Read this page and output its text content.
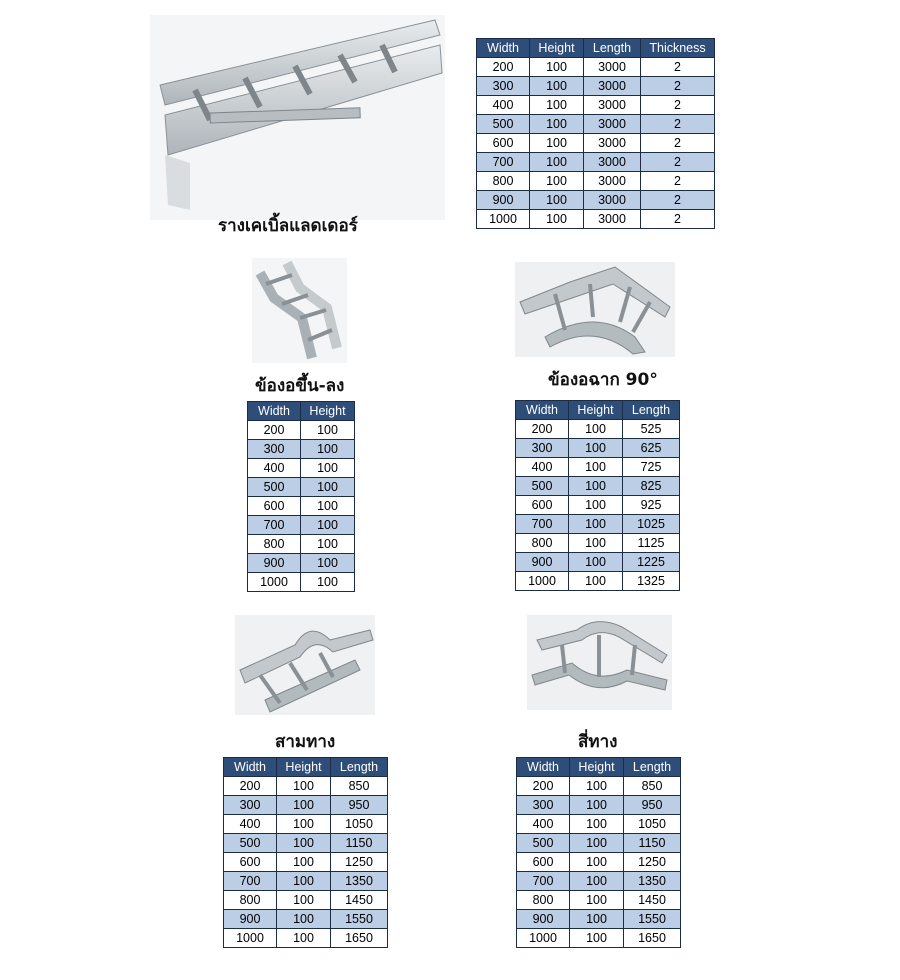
รางเคเบิ้ลแลดเดอร์
ข้องอขึ้น-ลง	ข้องอฉาก 90°
สามทาง	สี่ทาง
Width	Height	Length	Thickness
200	100	3000	2
300	100	3000	2
400	100	3000	2
500	100	3000	2
600	100	3000	2
700	100	3000	2
800	100	3000	2
900	100	3000	2
1000	100	3000	2
Width	Height
200	100
300	100
400	100
500	100
600	100
700	100
800	100
900	100
1000	100
Width	Height	Length
200	100	525
300	100	625
400	100	725
500	100	825
600	100	925
700	100	1025
800	100	1125
900	100	1225
1000	100	1325
Width	Height	Length
200	100	850
300	100	950
400	100	1050
500	100	1150
600	100	1250
700	100	1350
800	100	1450
900	100	1550
1000	100	1650
Width	Height	Length
200	100	850
300	100	950
400	100	1050
500	100	1150
600	100	1250
700	100	1350
800	100	1450
900	100	1550
1000	100	1650
